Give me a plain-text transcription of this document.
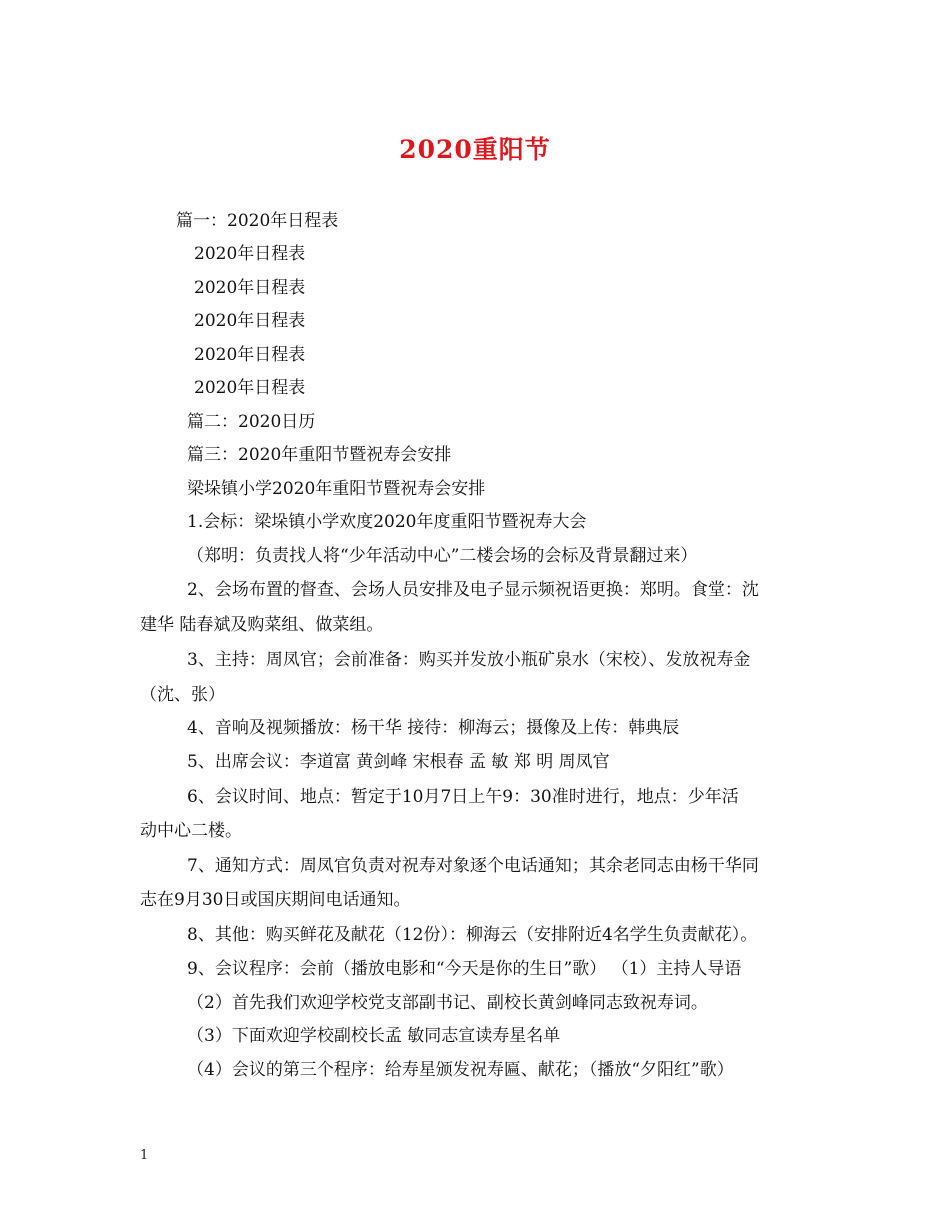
2020重阳节
篇一：2020年日程表
2020年日程表
2020年日程表
2020年日程表
2020年日程表
2020年日程表
篇二：2020日历
篇三：2020年重阳节暨祝寿会安排
梁垛镇小学2020年重阳节暨祝寿会安排
1.会标：梁垛镇小学欢度2020年度重阳节暨祝寿大会
（郑明：负责找人将“少年活动中心”二楼会场的会标及背景翻过来）
2、会场布置的督查、会场人员安排及电子显示频祝语更换：郑明。食堂：沈
建华 陆春斌及购菜组、做菜组。
3、主持：周凤官；会前准备：购买并发放小瓶矿泉水（宋校）、发放祝寿金
（沈、张）
4、音响及视频播放：杨干华 接待：柳海云；摄像及上传：韩典辰
5、出席会议：李道富 黄剑峰 宋根春 孟 敏 郑 明 周凤官
6、会议时间、地点：暂定于10月7日上午9：30准时进行，地点：少年活
动中心二楼。
7、通知方式：周凤官负责对祝寿对象逐个电话通知；其余老同志由杨干华同
志在9月30日或国庆期间电话通知。
8、其他：购买鲜花及献花（12份）：柳海云（安排附近4名学生负责献花）。
9、会议程序：会前（播放电影和“今天是你的生日”歌） （1）主持人导语
（2）首先我们欢迎学校党支部副书记、副校长黄剑峰同志致祝寿词。
（3）下面欢迎学校副校长孟 敏同志宣读寿星名单
（4）会议的第三个程序：给寿星颁发祝寿匾、献花；（播放“夕阳红”歌）
1
